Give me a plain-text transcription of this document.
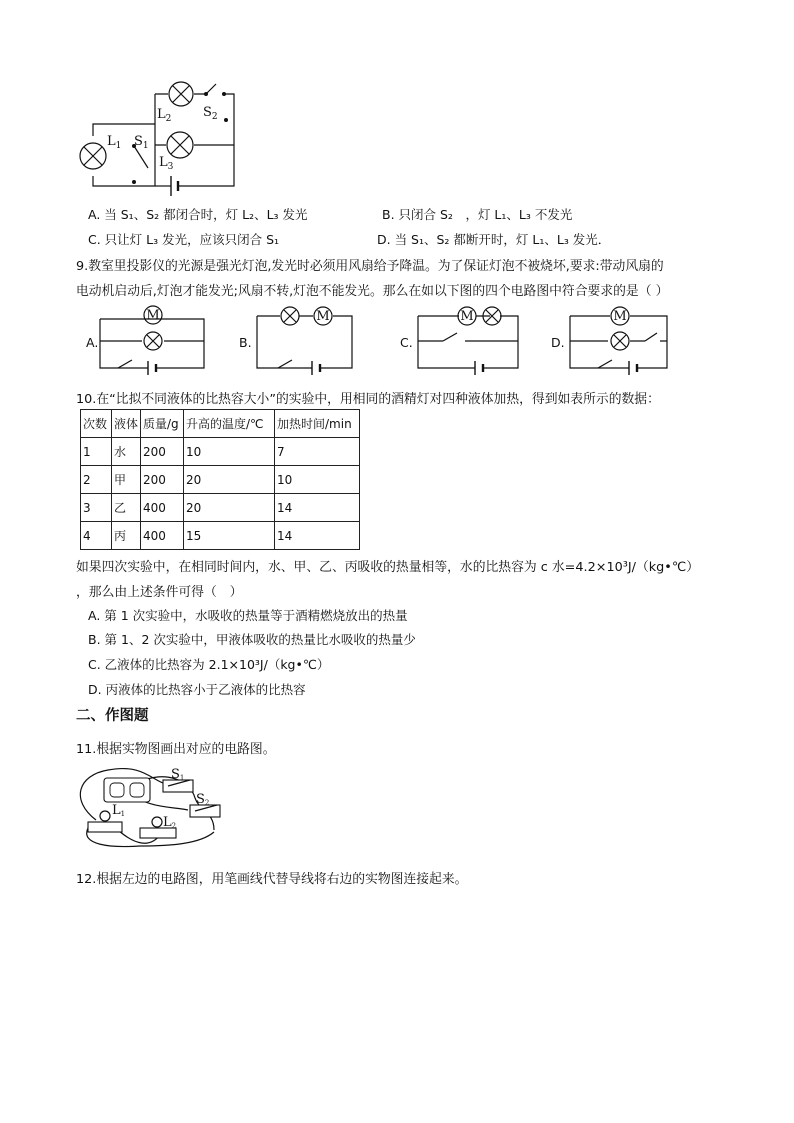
$L_1$
$L_2$
$L_3$
$S_1$
$S_2$
A. 当 S₁、S₂ 都闭合时，灯 L₂、L₃ 发光	B. 只闭合 S₂　，灯 L₁、L₃ 不发光
C. 只让灯 L₃ 发光，应该只闭合 S₁	D. 当 S₁、S₂ 都断开时，灯 L₁、L₃ 发光．
9.教室里投影仪的光源是强光灯泡,发光时必须用风扇给予降温。为了保证灯泡不被烧坏,要求:带动风扇的
电动机启动后,灯泡才能发光;风扇不转,灯泡不能发光。那么在如以下图的四个电路图中符合要求的是（ ）
M	M	M	M
A.	B.	C.	D.
10.在“比拟不同液体的比热容大小”的实验中，用相同的酒精灯对四种液体加热，得到如表所示的数据：
次数	液体	质量/g	升高的温度/℃	加热时间/min
1	水	200	10	7
2	甲	200	20	10
3	乙	400	20	14
4	丙	400	15	14
如果四次实验中，在相同时间内，水、甲、乙、丙吸收的热量相等，水的比热容为 c 水=4.2×10³J/（kg•℃）
，那么由上述条件可得（　）
A. 第 1 次实验中，水吸收的热量等于酒精燃烧放出的热量
B. 第 1、2 次实验中，甲液体吸收的热量比水吸收的热量少
C. 乙液体的比热容为 2.1×10³J/（kg•℃）
D. 丙液体的比热容小于乙液体的比热容
二、作图题
11.根据实物图画出对应的电路图。
S1
S2
L1
L2
12.根据左边的电路图，用笔画线代替导线将右边的实物图连接起来。
